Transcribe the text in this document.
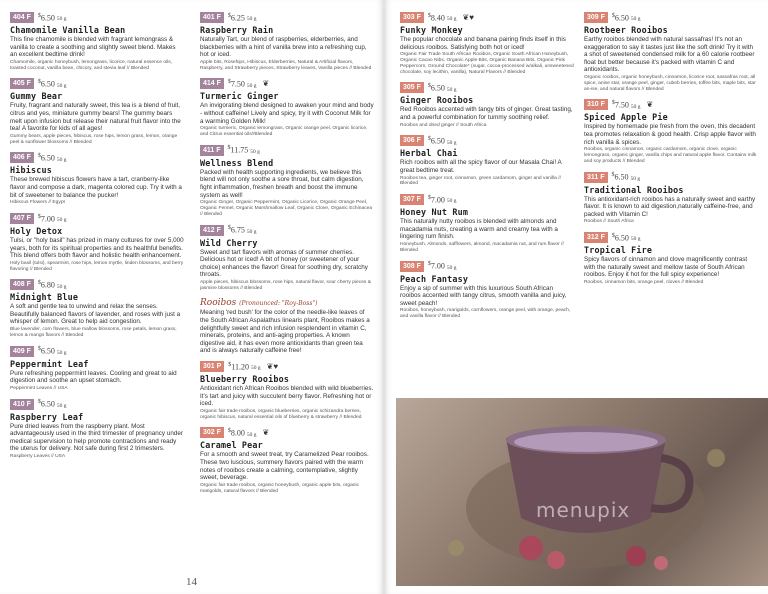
404 F	$6.50 50 g
Chamomile Vanilla Bean
This fine chamomile is blended with fragrant lemongrass & vanilla to create a soothing and slightly sweet blend. Makes an excellent bedtime drink!
Chamomile, organic honeybush, lemongrass, licorice, natural essence oils, toasted coconut, vanilla bean, chicory, and stevia leaf // Blended
405 F	$6.50 50 g
Gummy Bear
Fruity, fragrant and naturally sweet, this tea is a blend of fruit, citrus and yes, miniature gummy bears! The gummy bears melt upon infusion but release their natural fruit flavor into the tea! A favorite for kids of all ages!
Gummy bears, apple pieces, hibiscus, rose hips, lemon grass, lemon, orange peel & sunflower blossoms // Blended
406 F	$6.50 50 g
Hibiscus
These brewed hibiscus flowers have a tart, cranberry-like flavor and compose a dark, magenta colored cup. Try it with a bit of sweetener to balance the pucker!
Hibiscus Flowers // Egypt
407 F	$7.00 50 g
Holy Detox
Tulsi, or "holy basil" has prized in many cultures for over 5,000 years, both for its spiritual properties and its healthful benefits. This blend offers both flavor and holistic health enhancement.
Holy basil (tulsi), spearmint, rose hips, lemon myrtle, linden blossoms, and berry flavoring // Blended
408 F	$6.80 50 g
Midnight Blue
A soft and gentle tea to unwind and relax the senses. Beautifully balanced flavors of lavender, and roses with just a whisper of lemon. Great to help aid congestion.
Blue lavender, corn flowers, blue mallow blossoms, rose petals, lemon grass, lemon & mango flavors // Blended
409 F	$6.50 50 g
Peppermint Leaf
Pure refreshing peppermint leaves. Cooling and great to aid digestion and soothe an upset stomach.
Peppermint Leaves // USA
410 F	$6.50 50 g
Raspberry Leaf
Pure dried leaves from the raspberry plant. Most advantageously used in the third trimester of pregnancy under medical supervision to help promote contractions and ready the uterus for delivery. Not safe during first 2 trimesters.
Raspberry Leaves // USA
401 F	$6.25 50 g
Raspberry Rain
Naturally Tart, our blend of raspberries, elderberries, and blackberries with a hint of vanilla brew into a refreshing cup, hot or iced.
Apple bits, Rosehips, Hibiscus, Elderberries, Natural & Artificial flavors, Raspberry, and Strawberry pieces, Strawberry leaves, Vanilla pieces // Blended
414 F	$7.50 50 g ❦
Turmeric Ginger
An invigorating blend designed to awaken your mind and body - without caffeine! Lively and spicy, try it with Coconut Milk for a warming Golden Milk!
Organic turmeric, Organic lemongrass, Organic orange peel, Organic licorice, and Citrus essential oils//Blended
411 F	$11.75 50 g
Wellness Blend
Packed with health supporting ingredients, we believe this blend will not only soothe a sore throat, but calm digestion, fight inflammation, freshen breath and boost the immune system as well!
Organic Ginger, Organic Peppermint, Organic Licorice, Organic Orange Peel, Organic Fennel, Organic Marshmallow Leaf, Organic Clove, Organic Echinacea // Blended
412 F	$6.75 50 g
Wild Cherry
Sweet and tart flavors with aromas of summer cherries. Delicious hot or iced! A bit of honey (or sweetener of your choice) enhances the flavor! Great for soothing dry, scratchy throats.
Apple pieces, hibiscus blossoms, rose hips, natural flavor, sour cherry pieces & jasmine blossoms // Blended
Rooibos (Pronounced: "Roy-Boss")
Meaning 'red bush' for the color of the needle-like leaves of the South African Aspalathus linearis plant, Rooibos makes a delightfully sweet and rich infusion resplendent in vitamin C, minerals, proteins, and anti-aging properties. A known digestive aid, it has even more antioxidants than green tea and is always naturally caffeine free!
301 P	$11.20 50 g ❦♥
Blueberry Rooibos
Antioxidant rich African Rooibos blended with wild blueberries. It's tart and juicy with succulent berry flavor. Refreshing hot or iced.
Organic fair trade rooibos, organic blueberries, organic schizandra berries, organic hibiscus, natural essential oils of blueberry & strawberry // Blended
302 F	$8.00 50 g ❦
Caramel Pear
For a smooth and sweet treat, try Caramelized Pear rooibos. These two luscious, summery flavors paired with the warm notes of rooibos create a calming, contemplative, slightly sweet, beverage.
Organic fair trade rooibos, organic honeybush, organic apple bits, organic marigolds, natural flavors // Blended
14
303 F	$8.40 50 g ❦♥
Funky Monkey
The popular chocolate and banana pairing finds itself in this delicious rooibos. Satisfying both hot or iced!
Organic Fair Trade South African Rooibos, Organic South African Honeybush, Organic Cacao Nibs, Organic Apple Bits, Organic Banana Bits, Organic Pink Peppercorn, Ground Chocolate* (sugar, cocoa-processed w/alkali, unsweetened chocolate, soy lecithin, vanilla), Natural Flavors // Blended
305 F	$6.50 50 g
Ginger Rooibos
Red Rooibos accented with tangy bits of ginger. Great tasting, and a powerful combination for tummy soothing relief.
Rooibos and dried ginger // South Africa
306 F	$6.50 50 g
Herbal Chai
Rich rooibos with all the spicy flavor of our Masala Chai! A great bedtime treat.
Rooibos tea, ginger root, cinnamon, green cardamom, ginger and vanilla // Blended
307 F	$7.00 50 g
Honey Nut Rum
This naturally nutty rooibos is blended with almonds and macadamia nuts, creating a warm and creamy tea with a lingering rum finish.
Honeybush, Almonds, safflowers, almond, macadamia nut, and rum flavor // Blended
308 F	$7.00 50 g
Peach Fantasy
Enjoy a sip of summer with this luxurious South African rooibos accented with tangy citrus, smooth vanilla and juicy, sweet peach!
Rooibos, honeybush, marigolds, cornflowers, orange peel, with orange, peach, and vanilla flavor // Blended
309 F	$6.50 50 g
Rootbeer Rooibos
Earthy rooibos blended with natural sassafras! It's not an exaggeration to say it tastes just like the soft drink! Try it with a shot of sweetened condensed milk for a 60 calorie rootbeer float but better because it's packed with vitamin C and antioxidants.
Organic rooibos, organic honeybush, cinnamon, licorice root, sassafras root, all spice, anise star, orange peel, ginger, cubeb berries, toffee bits, maple bits, star an-ise, and natural flavors // Blended
310 F	$7.50 50 g ❦
Spiced Apple Pie
Inspired by homemade pie fresh from the oven, this decadent tea promotes relaxation & good health. Crisp apple flavor with rich vanilla & spices.
Rooibos, organic cinnamon, organic cardamom, organic clove, organic lemongrass, organic ginger, vanilla chips and natural apple flavor. Contains milk and soy products // Blended
311 F	$6.50 50 g
Traditional Rooibos
This antioxidant-rich rooibos has a naturally sweet and earthy flavor. It is known to aid digestion,naturally caffeine-free, and packed with Vitamin C!
Rooibos // South Africa
312 F	$6.50 50 g
Tropical Fire
Spicy flavors of cinnamon and clove magnificently contrast with the naturally sweet and mellow taste of South African rooibos. Enjoy it hot for the full spicy experience!
Rooibos, cinnamon bits, orange peel, cloves // Blended
menupix
